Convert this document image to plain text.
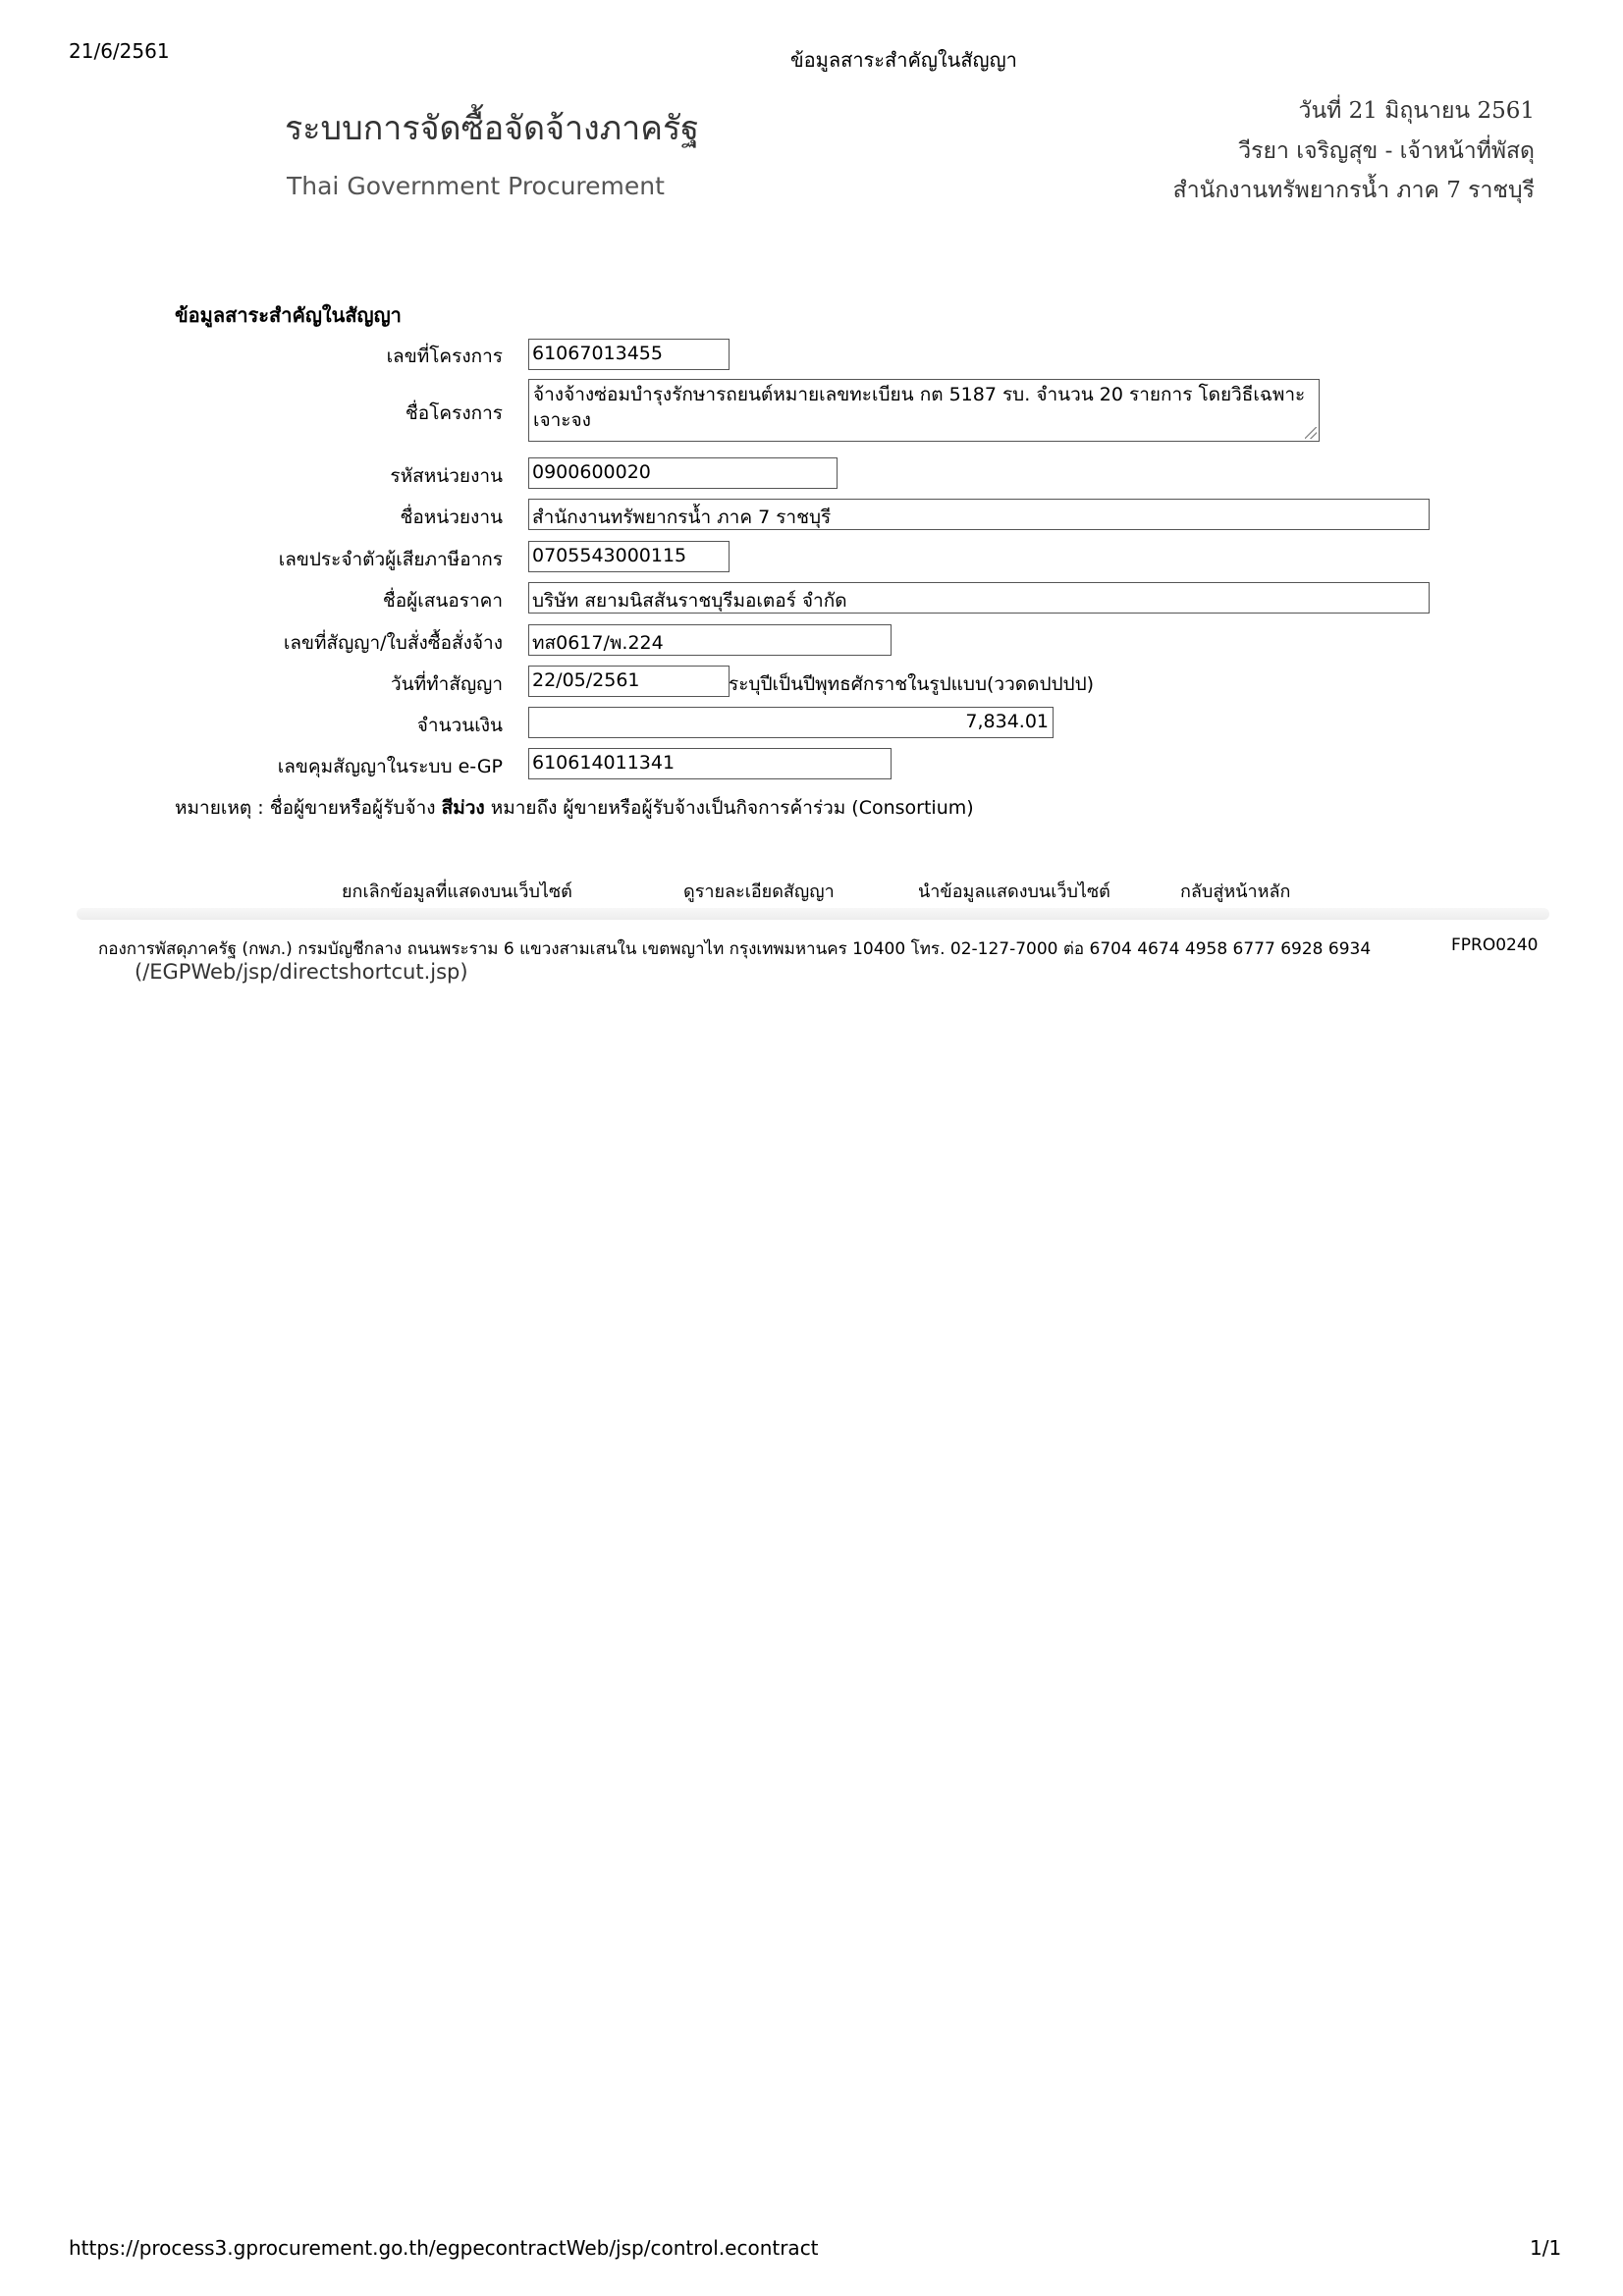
21/6/2561	ข้อมูลสาระสำคัญในสัญญา
ระบบการจัดซื้อจัดจ้างภาครัฐ
Thai Government Procurement
วันที่ 21 มิถุนายน 2561
วีรยา เจริญสุข - เจ้าหน้าที่พัสดุ
สำนักงานทรัพยากรน้ำ ภาค 7 ราชบุรี
ข้อมูลสาระสำคัญในสัญญา
เลขที่โครงการ 61067013455
ชื่อโครงการ
จ้างจ้างซ่อมบำรุงรักษารถยนต์หมายเลขทะเบียน กต 5187 รบ. จำนวน 20 รายการ โดยวิธีเฉพาะเจาะจง
รหัสหน่วยงาน 0900600020
ชื่อหน่วยงาน สำนักงานทรัพยากรน้ำ ภาค 7 ราชบุรี
เลขประจำตัวผู้เสียภาษีอากร 0705543000115
ชื่อผู้เสนอราคา บริษัท สยามนิสสันราชบุรีมอเตอร์ จำกัด
เลขที่สัญญา/ใบสั่งซื้อสั่งจ้าง ทส0617/พ.224
วันที่ทำสัญญา 22/05/2561	ระบุปีเป็นปีพุทธศักราชในรูปแบบ(ววดดปปปป)
จำนวนเงิน	7,834.01
เลขคุมสัญญาในระบบ e-GP 610614011341
หมายเหตุ : ชื่อผู้ขายหรือผู้รับจ้าง สีม่วง หมายถึง ผู้ขายหรือผู้รับจ้างเป็นกิจการค้าร่วม (Consortium)
ยกเลิกข้อมูลที่แสดงบนเว็บไซต์	ดูรายละเอียดสัญญา	นำข้อมูลแสดงบนเว็บไซต์	กลับสู่หน้าหลัก
กองการพัสดุภาครัฐ (กพภ.) กรมบัญชีกลาง ถนนพระราม 6 แขวงสามเสนใน เขตพญาไท กรุงเทพมหานคร 10400 โทร. 02-127-7000 ต่อ 6704 4674 4958 6777 6928 6934	FPRO0240
(/EGPWeb/jsp/directshortcut.jsp)
https://process3.gprocurement.go.th/egpecontractWeb/jsp/control.econtract	1/1
